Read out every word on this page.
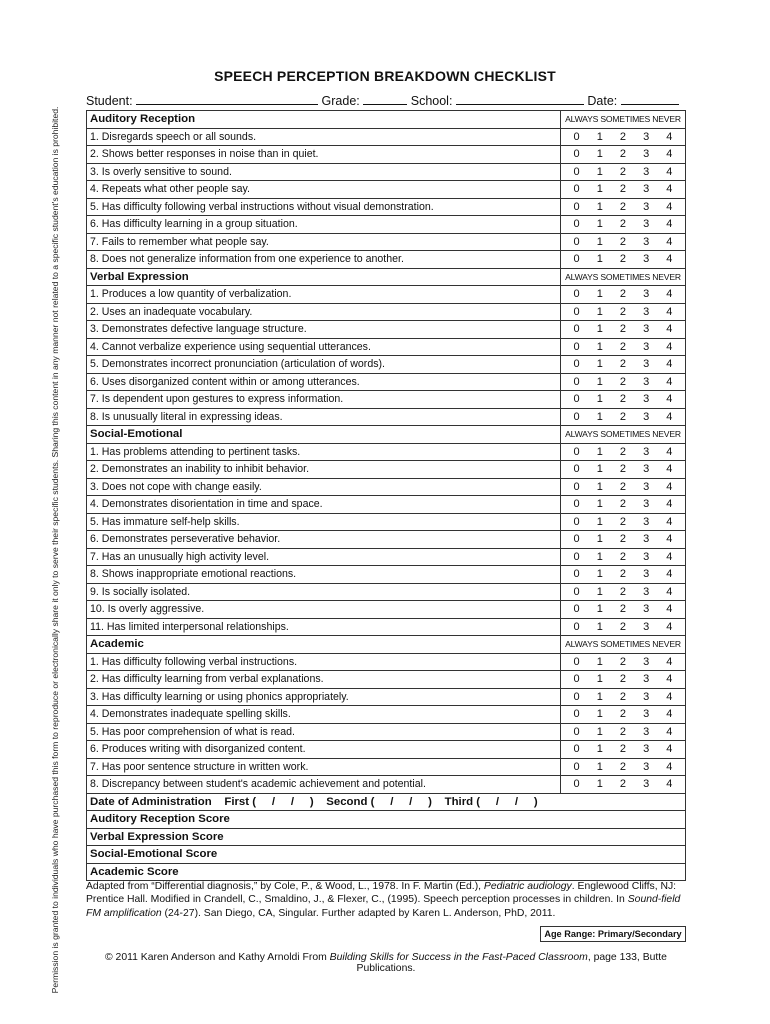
Permission is granted to individuals who have purchased this form to reproduce or electronically share it only to serve their specific students. Sharing this content in any manner not related to a specific student's education is prohibited.
SPEECH PERCEPTION BREAKDOWN CHECKLIST
Student:	Grade:	School:	Date:
Auditory Reception	ALWAYS SOMETIMES NEVER
1. Disregards speech or all sounds.	0 1 2 3 4

2. Shows better responses in noise than in quiet.	0 1 2 3 4

3. Is overly sensitive to sound.	0 1 2 3 4

4. Repeats what other people say.	0 1 2 3 4

5. Has difficulty following verbal instructions without visual demonstration.	0 1 2 3 4

6. Has difficulty learning in a group situation.	0 1 2 3 4

7. Fails to remember what people say.	0 1 2 3 4

8. Does not generalize information from one experience to another.	0 1 2 3 4

Verbal Expression	ALWAYS SOMETIMES NEVER
1. Produces a low quantity of verbalization.	0 1 2 3 4

2. Uses an inadequate vocabulary.	0 1 2 3 4

3. Demonstrates defective language structure.	0 1 2 3 4

4. Cannot verbalize experience using sequential utterances.	0 1 2 3 4

5. Demonstrates incorrect pronunciation (articulation of words).	0 1 2 3 4

6. Uses disorganized content within or among utterances.	0 1 2 3 4

7. Is dependent upon gestures to express information.	0 1 2 3 4

8. Is unusually literal in expressing ideas.	0 1 2 3 4

Social-Emotional	ALWAYS SOMETIMES NEVER
1. Has problems attending to pertinent tasks.	0 1 2 3 4

2. Demonstrates an inability to inhibit behavior.	0 1 2 3 4

3. Does not cope with change easily.	0 1 2 3 4

4. Demonstrates disorientation in time and space.	0 1 2 3 4

5. Has immature self-help skills.	0 1 2 3 4

6. Demonstrates perseverative behavior.	0 1 2 3 4

7. Has an unusually high activity level.	0 1 2 3 4

8. Shows inappropriate emotional reactions.	0 1 2 3 4

9. Is socially isolated.	0 1 2 3 4

10. Is overly aggressive.	0 1 2 3 4

11. Has limited interpersonal relationships.	0 1 2 3 4

Academic	ALWAYS SOMETIMES NEVER
1. Has difficulty following verbal instructions.	0 1 2 3 4

2. Has difficulty learning from verbal explanations.	0 1 2 3 4

3. Has difficulty learning or using phonics appropriately.	0 1 2 3 4

4. Demonstrates inadequate spelling skills.	0 1 2 3 4

5. Has poor comprehension of what is read.	0 1 2 3 4

6. Produces writing with disorganized content.	0 1 2 3 4

7. Has poor sentence structure in written work.	0 1 2 3 4

8. Discrepancy between student's academic achievement and potential.	0 1 2 3 4

Date of Administration    First (     /     /     )    Second (     /     /     )    Third (     /     /     )	
Auditory Reception Score	
Verbal Expression Score	
Social-Emotional Score	
Academic Score	
Adapted from “Differential diagnosis,” by Cole, P., & Wood, L., 1978. In F. Martin (Ed.), Pediatric audiology. Englewood Cliffs, NJ: Prentice Hall. Modified in Crandell, C., Smaldino, J., & Flexer, C., (1995). Speech perception processes in children. In Sound-field FM amplification (24-27). San Diego, CA, Singular. Further adapted by Karen L. Anderson, PhD, 2011.
Age Range: Primary/Secondary
© 2011 Karen Anderson and Kathy Arnoldi From Building Skills for Success in the Fast-Paced Classroom, page 133, Butte Publications.
